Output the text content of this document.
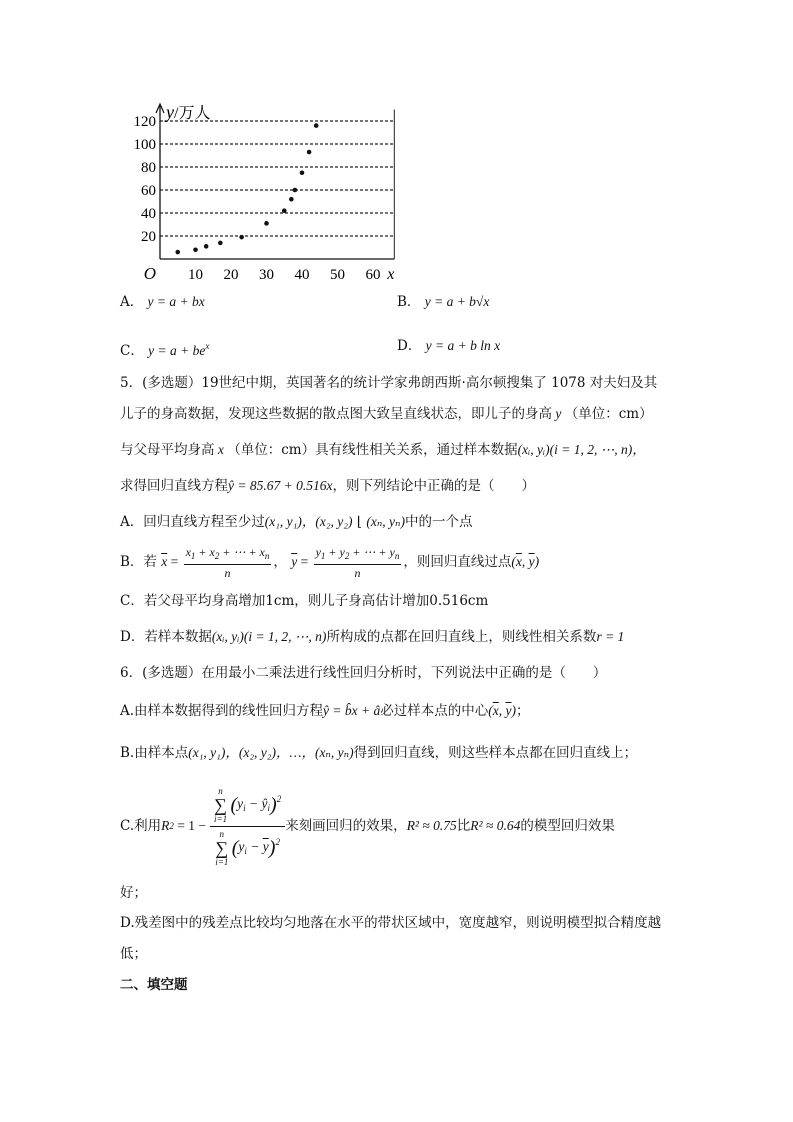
20
40
60
80
100
120
10 20 30 40 50 60
O	x
y/万人
A． y = a + bx	B． y = a + b√x
C． $y = a + be^x$	D． y = a + b ln x
5．(多选题）19世纪中期，英国著名的统计学家弗朗西斯·高尔顿搜集了 1078 对夫妇及其
儿子的身高数据，发现这些数据的散点图大致呈直线状态，即儿子的身高 y （单位：cm）
与父母平均身高 x （单位：cm）具有线性相关关系，通过样本数据(xᵢ, yᵢ)(i = 1, 2, ⋯, n)，
求得回归直线方程ŷ = 85.67 + 0.516x，则下列结论中正确的是（　　）
A．回归直线方程至少过(x₁, y₁)，(x₂, y₂) ⌊ (xₙ, yₙ)中的一个点
B．若 $\overline{x} = \frac{x_1 + x_2 + \cdots + x_n}{n}$ ， $\overline{y} = \frac{y_1 + y_2 + \cdots + y_n}{n}$ ，则回归直线过点($\overline{x}$, $\overline{y}$)
C．若父母平均身高增加1cm，则儿子身高估计增加0.516cm
D．若样本数据(xᵢ, yᵢ)(i = 1, 2, ⋯, n)所构成的点都在回归直线上，则线性相关系数r = 1
6．(多选题）在用最小二乘法进行线性回归分析时，下列说法中正确的是（　　）
A.由样本数据得到的线性回归方程ŷ = b̂x + â必过样本点的中心($\overline{x}$, $\overline{y}$)；
B.由样本点(x₁, y₁)，(x₂, y₂)，…，(xₙ, yₙ)得到回归直线，则这些样本点都在回归直线上；
C.利用 R 2
= 1 −
n
∑
i=1 ($y_i$ − $ŷ_i)^2$
n
∑
i=1 $(y_i - \overline{y})^2$
来刻画回归的效果， R² ≈ 0.75 比 R² ≈ 0.64 的模型回归效果
好；
D.残差图中的残差点比较均匀地落在水平的带状区域中，宽度越窄，则说明模型拟合精度越
低；
二、填空题
